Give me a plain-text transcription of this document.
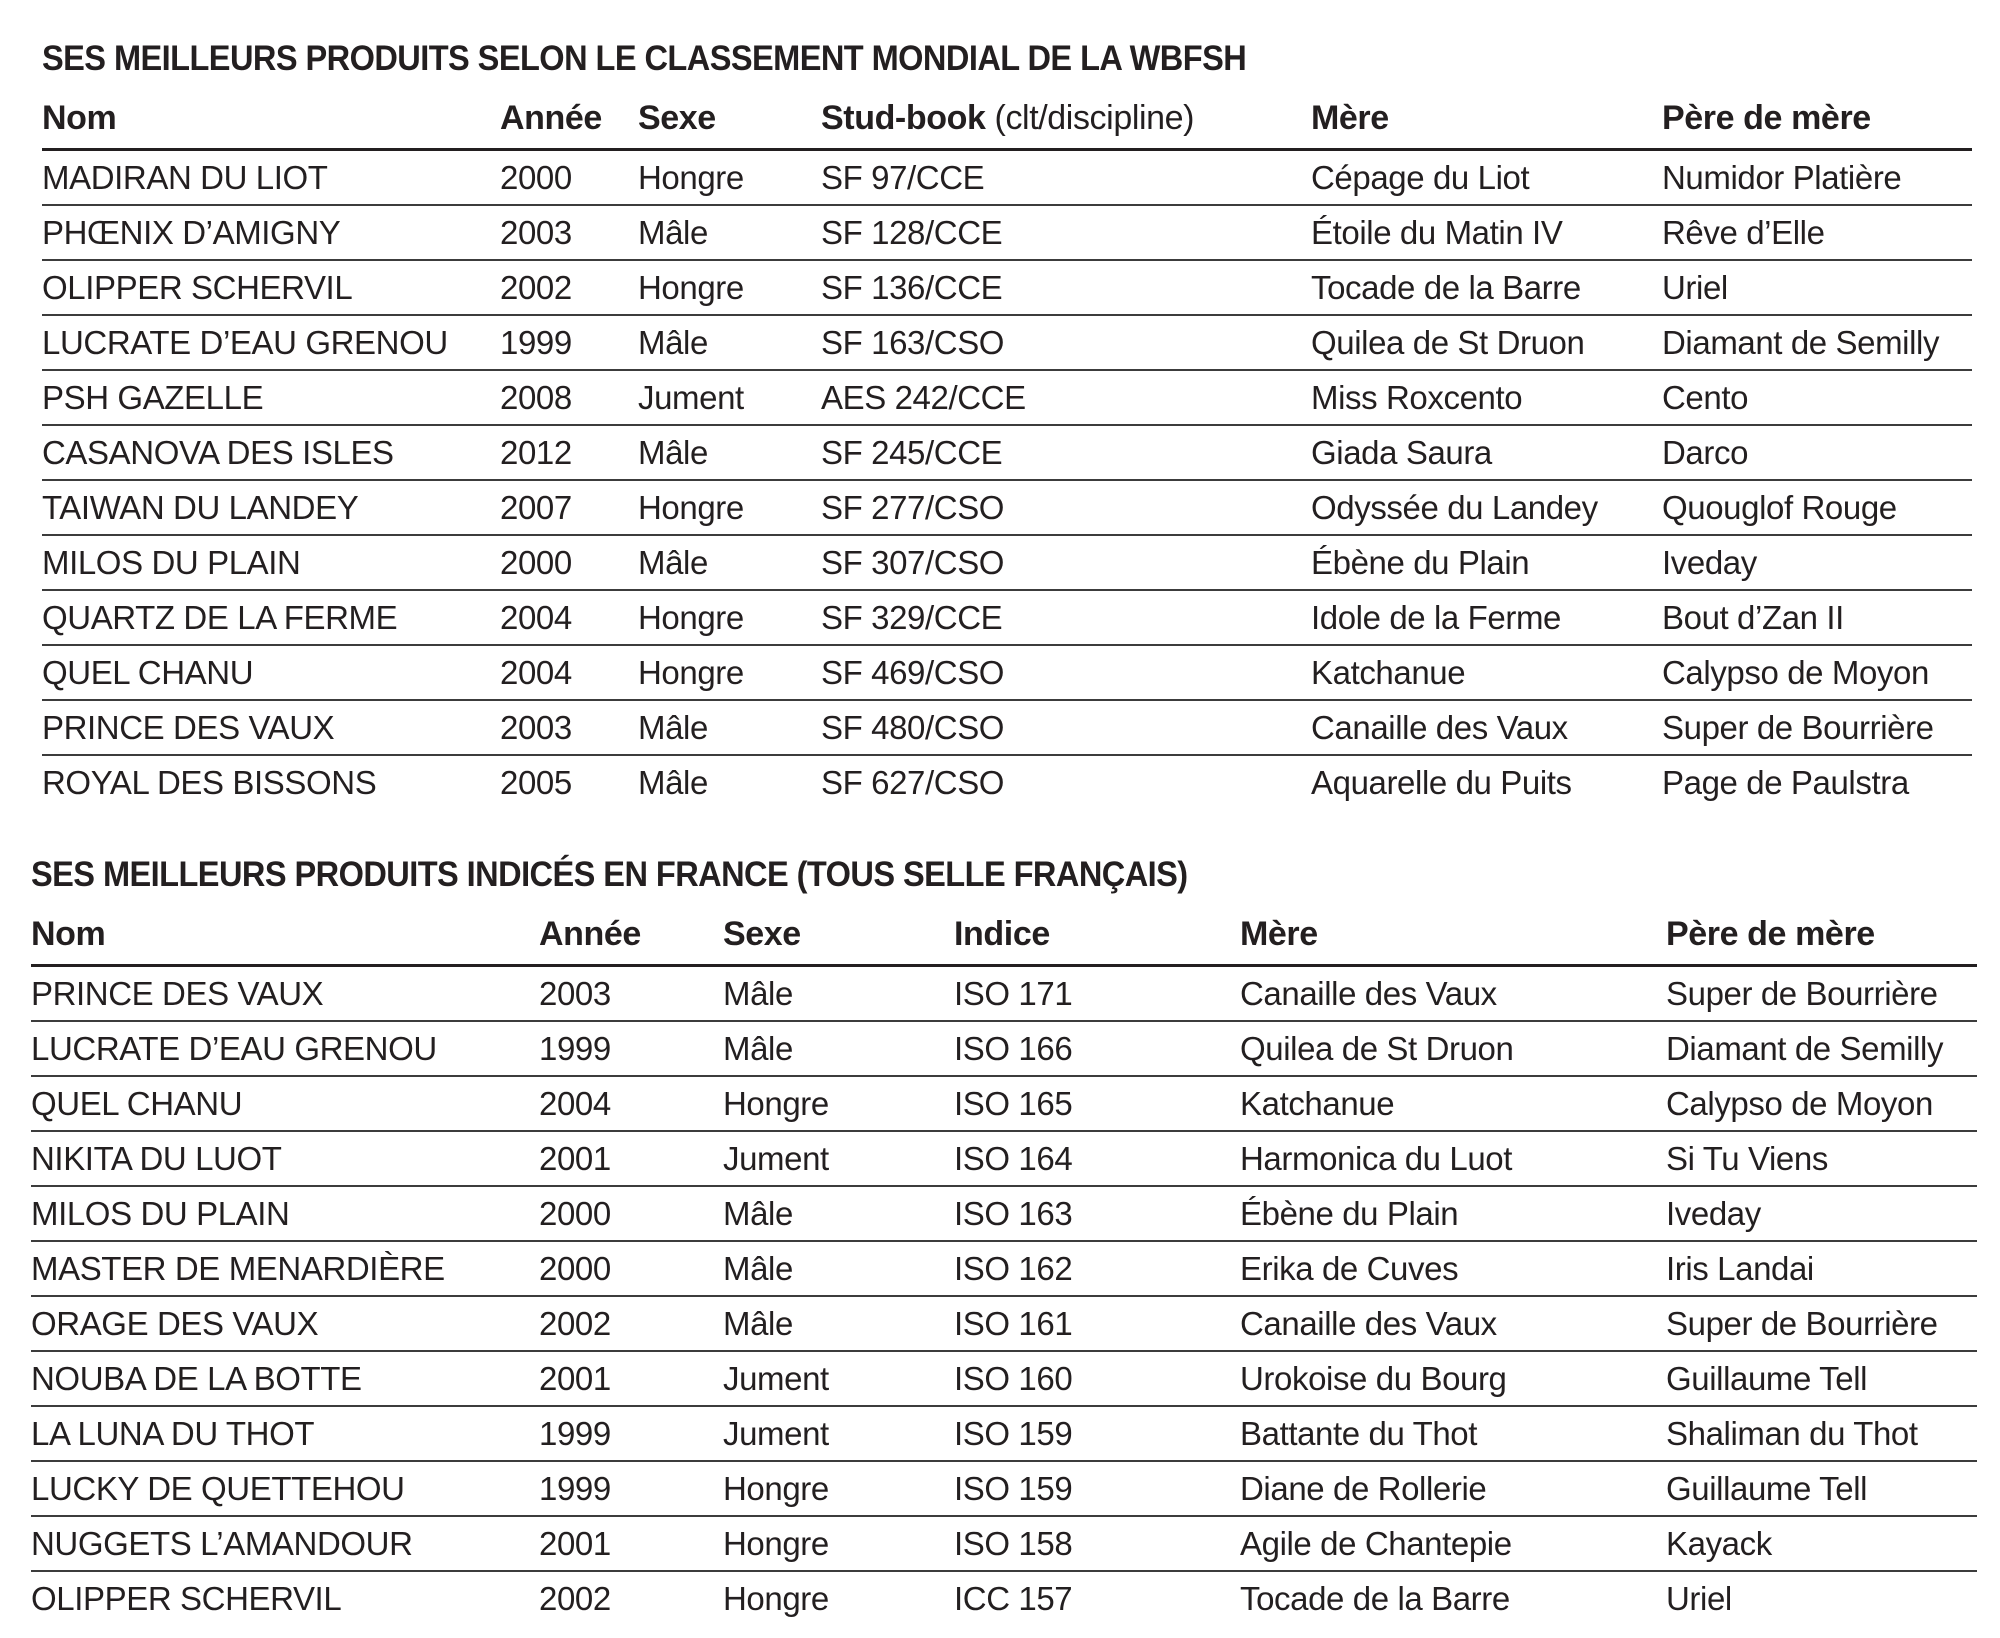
SES MEILLEURS PRODUITS SELON LE CLASSEMENT MONDIAL DE LA WBFSH
Nom	Année	Sexe	Stud-book (clt/discipline)	Mère	Père de mère
MADIRAN DU LIOT	2000	Hongre	SF 97/CCE	Cépage du Liot	Numidor Platière
PHŒNIX D’AMIGNY	2003	Mâle	SF 128/CCE	Étoile du Matin IV	Rêve d’Elle
OLIPPER SCHERVIL	2002	Hongre	SF 136/CCE	Tocade de la Barre	Uriel
LUCRATE D’EAU GRENOU	1999	Mâle	SF 163/CSO	Quilea de St Druon	Diamant de Semilly
PSH GAZELLE	2008	Jument	AES 242/CCE	Miss Roxcento	Cento
CASANOVA DES ISLES	2012	Mâle	SF 245/CCE	Giada Saura	Darco
TAIWAN DU LANDEY	2007	Hongre	SF 277/CSO	Odyssée du Landey	Quouglof Rouge
MILOS DU PLAIN	2000	Mâle	SF 307/CSO	Ébène du Plain	Iveday
QUARTZ DE LA FERME	2004	Hongre	SF 329/CCE	Idole de la Ferme	Bout d’Zan II
QUEL CHANU	2004	Hongre	SF 469/CSO	Katchanue	Calypso de Moyon
PRINCE DES VAUX	2003	Mâle	SF 480/CSO	Canaille des Vaux	Super de Bourrière
ROYAL DES BISSONS	2005	Mâle	SF 627/CSO	Aquarelle du Puits	Page de Paulstra
SES MEILLEURS PRODUITS INDICÉS EN FRANCE (TOUS SELLE FRANÇAIS)
Nom	Année	Sexe	Indice	Mère	Père de mère
PRINCE DES VAUX	2003	Mâle	ISO 171	Canaille des Vaux	Super de Bourrière
LUCRATE D’EAU GRENOU	1999	Mâle	ISO 166	Quilea de St Druon	Diamant de Semilly
QUEL CHANU	2004	Hongre	ISO 165	Katchanue	Calypso de Moyon
NIKITA DU LUOT	2001	Jument	ISO 164	Harmonica du Luot	Si Tu Viens
MILOS DU PLAIN	2000	Mâle	ISO 163	Ébène du Plain	Iveday
MASTER DE MENARDIÈRE	2000	Mâle	ISO 162	Erika de Cuves	Iris Landai
ORAGE DES VAUX	2002	Mâle	ISO 161	Canaille des Vaux	Super de Bourrière
NOUBA DE LA BOTTE	2001	Jument	ISO 160	Urokoise du Bourg	Guillaume Tell
LA LUNA DU THOT	1999	Jument	ISO 159	Battante du Thot	Shaliman du Thot
LUCKY DE QUETTEHOU	1999	Hongre	ISO 159	Diane de Rollerie	Guillaume Tell
NUGGETS L’AMANDOUR	2001	Hongre	ISO 158	Agile de Chantepie	Kayack
OLIPPER SCHERVIL	2002	Hongre	ICC 157	Tocade de la Barre	Uriel
